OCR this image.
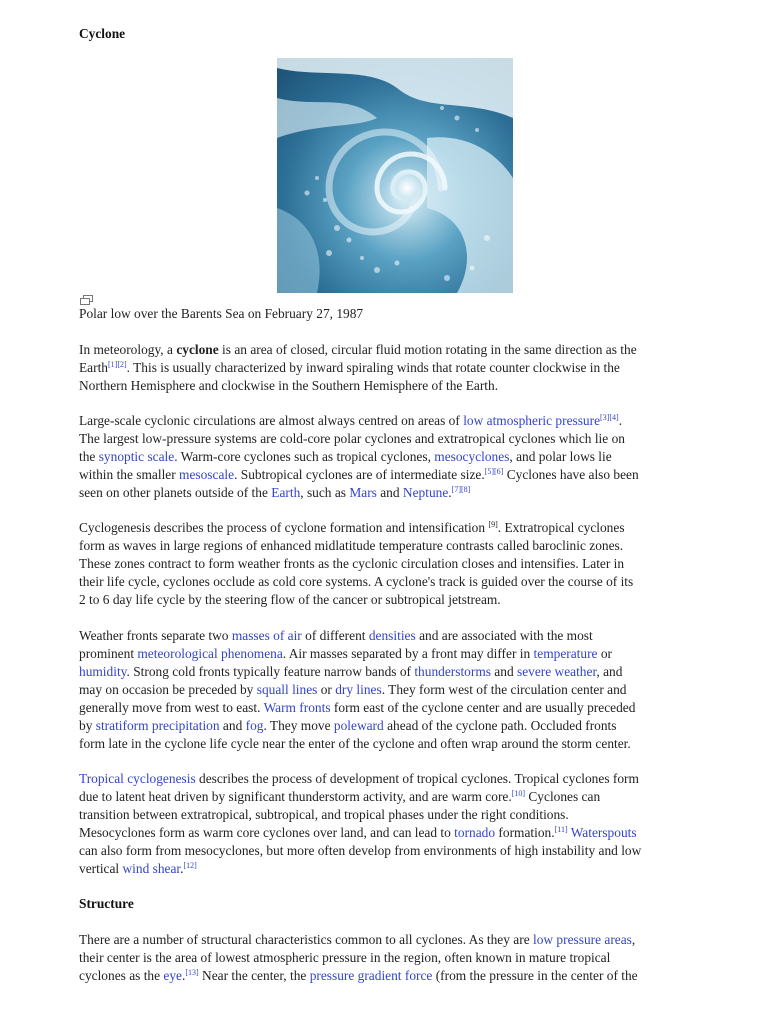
Cyclone

Polar low over the Barents Sea on February 27, 1987

In meteorology, a cyclone is an area of closed, circular fluid motion rotating in the same direction as the
Earth[1][2]. This is usually characterized by inward spiraling winds that rotate counter clockwise in the
Northern Hemisphere and clockwise in the Southern Hemisphere of the Earth.
Large-scale cyclonic circulations are almost always centred on areas of low atmospheric pressure[3][4].
The largest low-pressure systems are cold-core polar cyclones and extratropical cyclones which lie on
the synoptic scale. Warm-core cyclones such as tropical cyclones, mesocyclones, and polar lows lie
within the smaller mesoscale. Subtropical cyclones are of intermediate size.[5][6] Cyclones have also been
seen on other planets outside of the Earth, such as Mars and Neptune.[7][8]
Cyclogenesis describes the process of cyclone formation and intensification [9]. Extratropical cyclones
form as waves in large regions of enhanced midlatitude temperature contrasts called baroclinic zones.
These zones contract to form weather fronts as the cyclonic circulation closes and intensifies. Later in
their life cycle, cyclones occlude as cold core systems. A cyclone's track is guided over the course of its
2 to 6 day life cycle by the steering flow of the cancer or subtropical jetstream.
Weather fronts separate two masses of air of different densities and are associated with the most
prominent meteorological phenomena. Air masses separated by a front may differ in temperature or
humidity. Strong cold fronts typically feature narrow bands of thunderstorms and severe weather, and
may on occasion be preceded by squall lines or dry lines. They form west of the circulation center and
generally move from west to east. Warm fronts form east of the cyclone center and are usually preceded
by stratiform precipitation and fog. They move poleward ahead of the cyclone path. Occluded fronts
form late in the cyclone life cycle near the enter of the cyclone and often wrap around the storm center.
Tropical cyclogenesis describes the process of development of tropical cyclones. Tropical cyclones form
due to latent heat driven by significant thunderstorm activity, and are warm core.[10] Cyclones can
transition between extratropical, subtropical, and tropical phases under the right conditions.
Mesocyclones form as warm core cyclones over land, and can lead to tornado formation.[11] Waterspouts
can also form from mesocyclones, but more often develop from environments of high instability and low
vertical wind shear.[12]
Structure
There are a number of structural characteristics common to all cyclones. As they are low pressure areas,
their center is the area of lowest atmospheric pressure in the region, often known in mature tropical
cyclones as the eye.[13] Near the center, the pressure gradient force (from the pressure in the center of the
